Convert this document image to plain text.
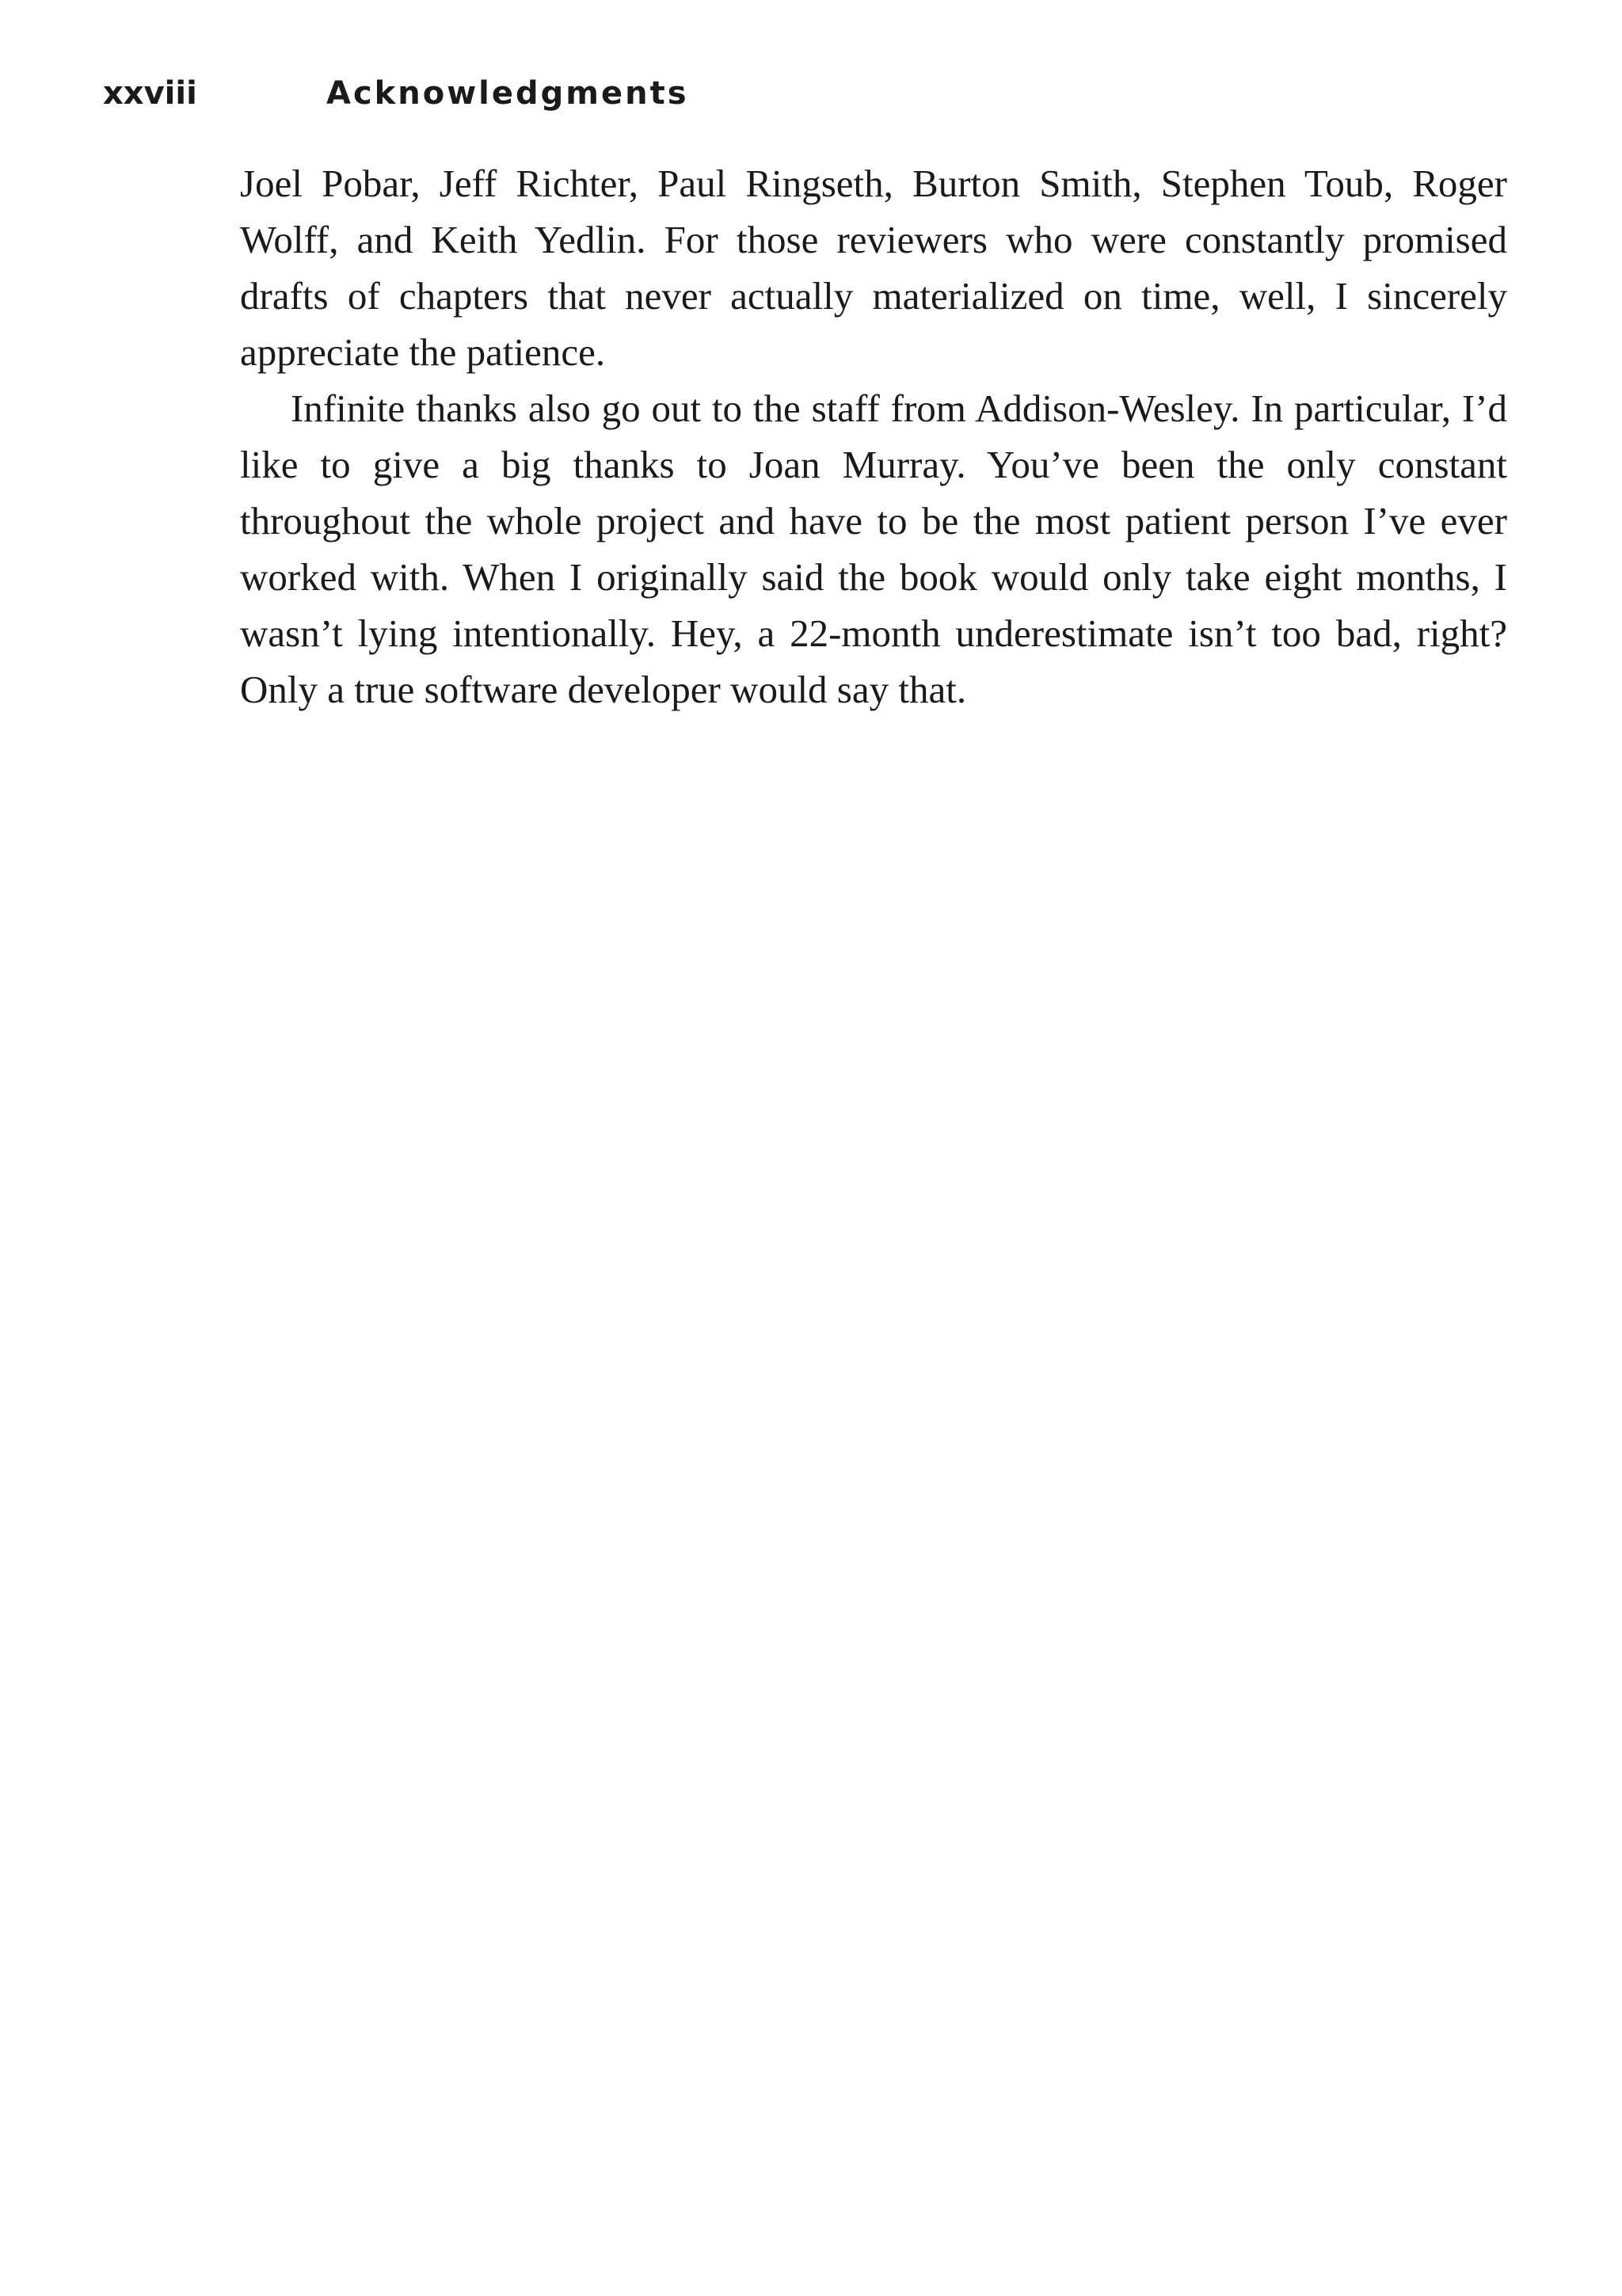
xxviii	Acknowledgments

Joel Pobar, Jeff Richter, Paul Ringseth, Burton Smith, Stephen Toub, Roger Wolff, and Keith Yedlin. For those reviewers who were constantly promised drafts of chapters that never actually materialized on time, well, I sincerely appreciate the patience.

Infinite thanks also go out to the staff from Addison-Wesley. In particular, I’d like to give a big thanks to Joan Murray. You’ve been the only constant throughout the whole project and have to be the most patient person I’ve ever worked with. When I originally said the book would only take eight months, I wasn’t lying intentionally. Hey, a 22-month underestimate isn’t too bad, right? Only a true software developer would say that.
